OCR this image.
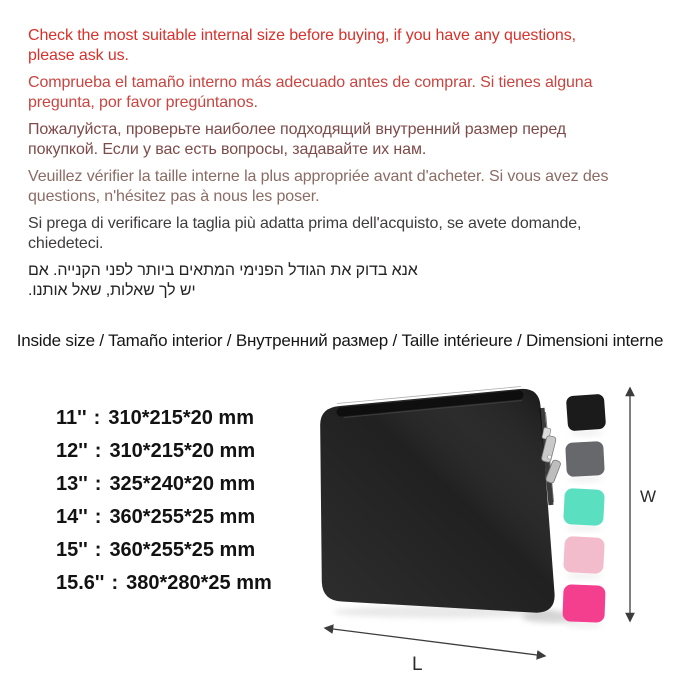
Check the most suitable internal size before buying, if you have any questions,
please ask us.

Comprueba el tamaño interno más adecuado antes de comprar. Si tienes alguna
pregunta, por favor pregúntanos.

Пожалуйста, проверьте наиболее подходящий внутренний размер перед
покупкой. Если у вас есть вопросы, задавайте их нам.

Veuillez vérifier la taille interne la plus appropriée avant d'acheter. Si vous avez des
questions, n'hésitez pas à nous les poser.

Si prega di verificare la taglia più adatta prima dell'acquisto, se avete domande,
chiedeteci.

אנא בדוק את הגודל הפנימי המתאים ביותר לפני הקנייה. אם
יש לך שאלות, שאל אותנו.

Inside size / Tamaño interior / Внутренний размер / Taille intérieure / Dimensioni interne
11'' : 310*215*20 mm
12'' : 310*215*20 mm
13'' : 325*240*20 mm
14'' : 360*255*25 mm
15'' : 360*255*25 mm
15.6'' : 380*280*25 mm
W
L
